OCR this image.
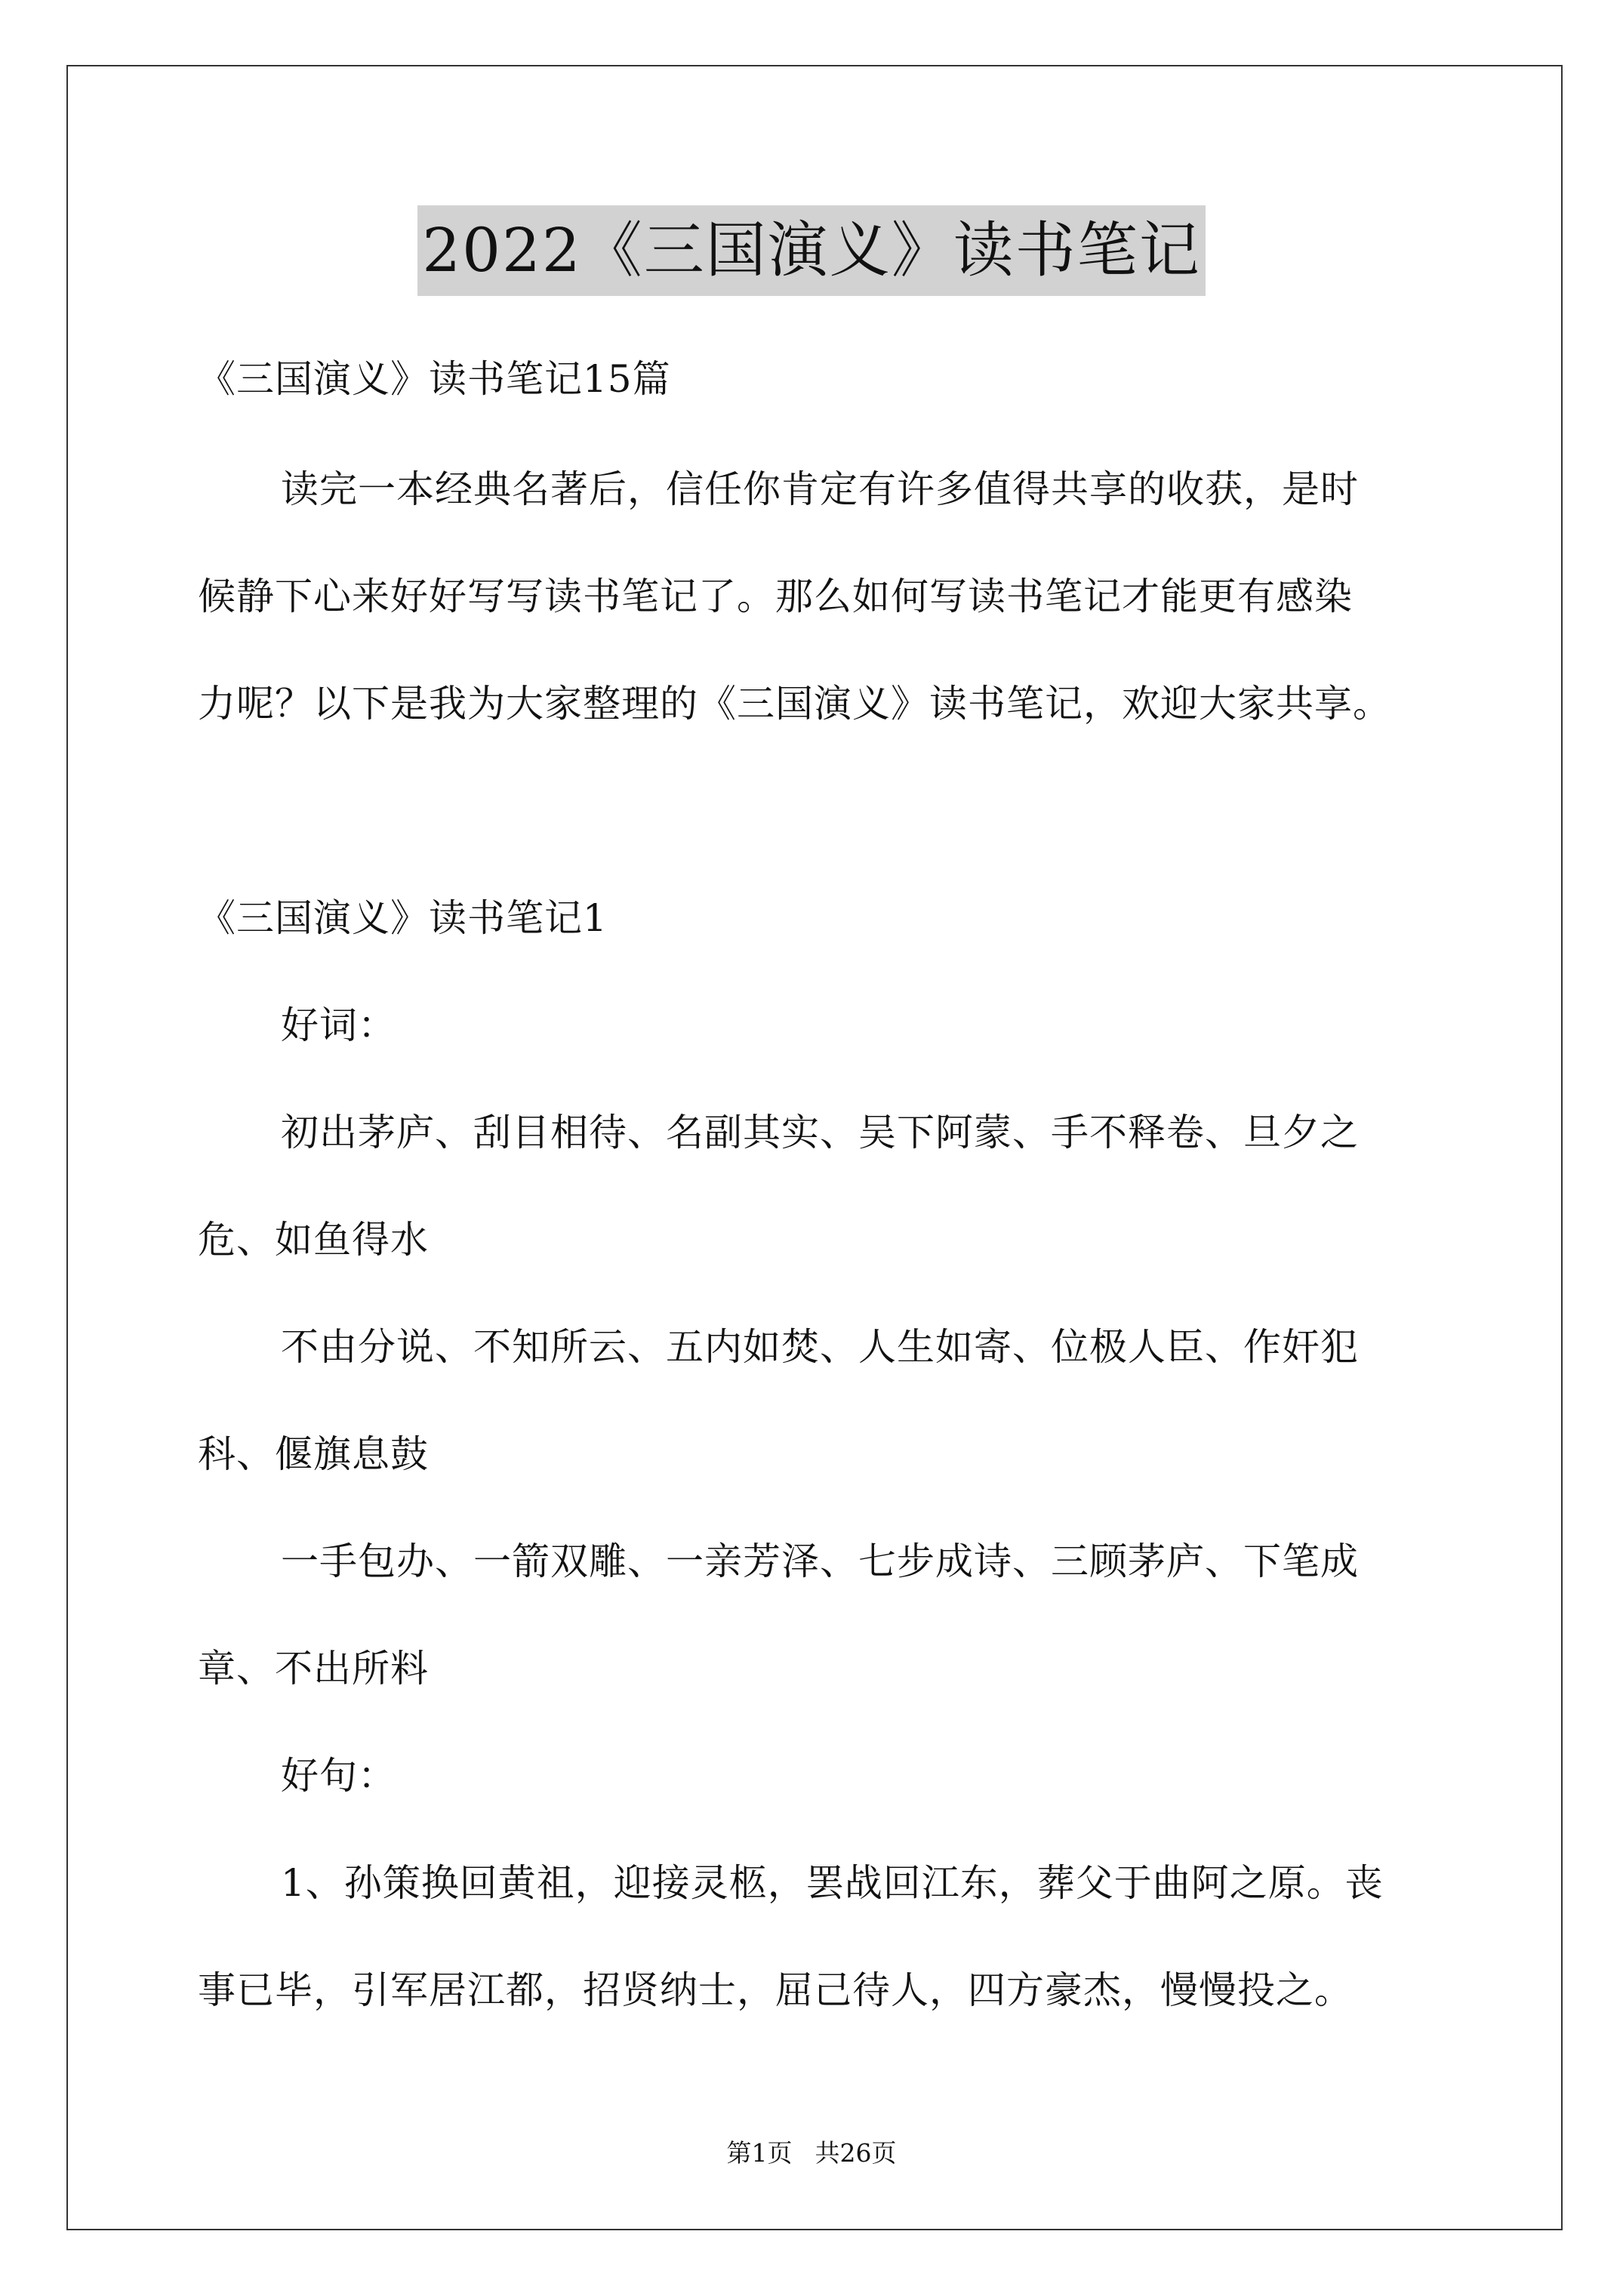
2022《三国演义》读书笔记
《三国演义》读书笔记15篇
读完一本经典名著后，信任你肯定有许多值得共享的收获，是时
候静下心来好好写写读书笔记了。那么如何写读书笔记才能更有感染
力呢？以下是我为大家整理的《三国演义》读书笔记，欢迎大家共享。
《三国演义》读书笔记1
好词：
初出茅庐、刮目相待、名副其实、吴下阿蒙、手不释卷、旦夕之
危、如鱼得水
不由分说、不知所云、五内如焚、人生如寄、位极人臣、作奸犯
科、偃旗息鼓
一手包办、一箭双雕、一亲芳泽、七步成诗、三顾茅庐、下笔成
章、不出所料
好句：
1、孙策换回黄祖，迎接灵柩，罢战回江东，葬父于曲阿之原。丧
事已毕，引军居江都，招贤纳士，屈己待人，四方豪杰，慢慢投之。
第1页 共26页
